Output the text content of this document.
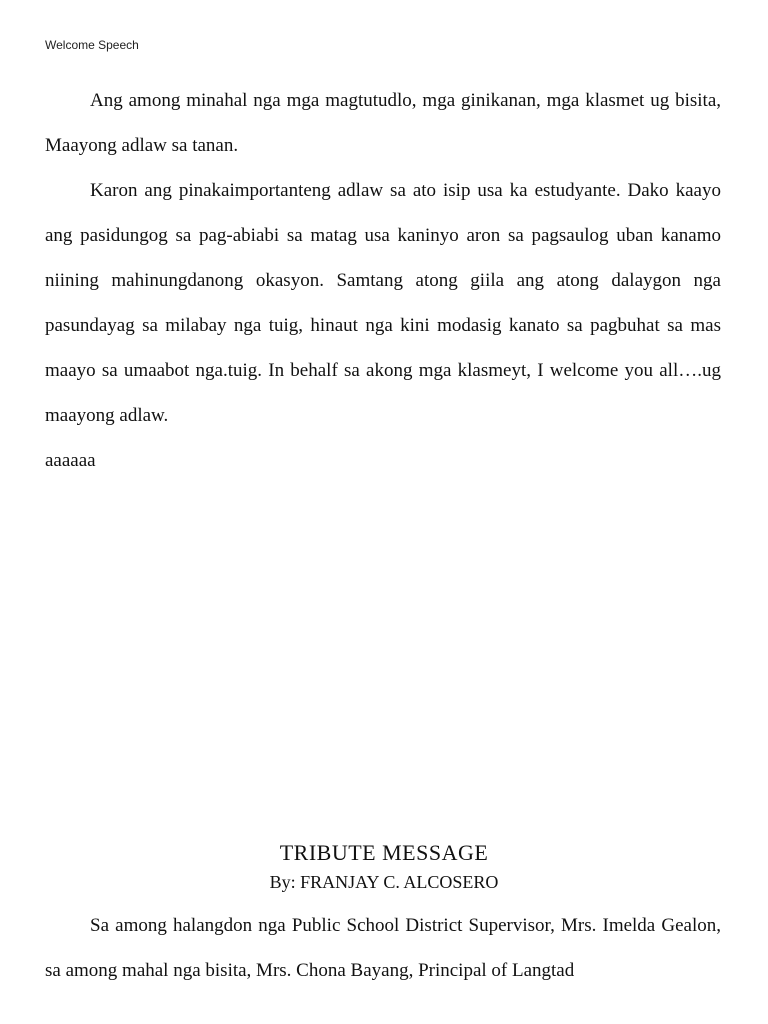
Welcome Speech

Ang among minahal nga mga magtutudlo, mga ginikanan, mga klasmet ug bisita, Maayong adlaw sa tanan.

Karon ang pinakaimportanteng adlaw sa ato isip usa ka estudyante. Dako kaayo ang pasidungog sa pag-abiabi sa matag usa kaninyo aron sa pagsaulog uban kanamo niining mahinungdanong okasyon. Samtang atong giila ang atong dalaygon nga pasundayag sa milabay nga tuig, hinaut nga kini modasig kanato sa pagbuhat sa mas maayo sa umaabot nga.tuig. In behalf sa akong mga klasmeyt, I welcome you all….ug maayong adlaw.

aaaaaa

TRIBUTE MESSAGE
By: FRANJAY C. ALCOSERO

Sa among halangdon nga Public School District Supervisor, Mrs. Imelda Gealon, sa among mahal nga bisita, Mrs. Chona Bayang, Principal of Langtad
